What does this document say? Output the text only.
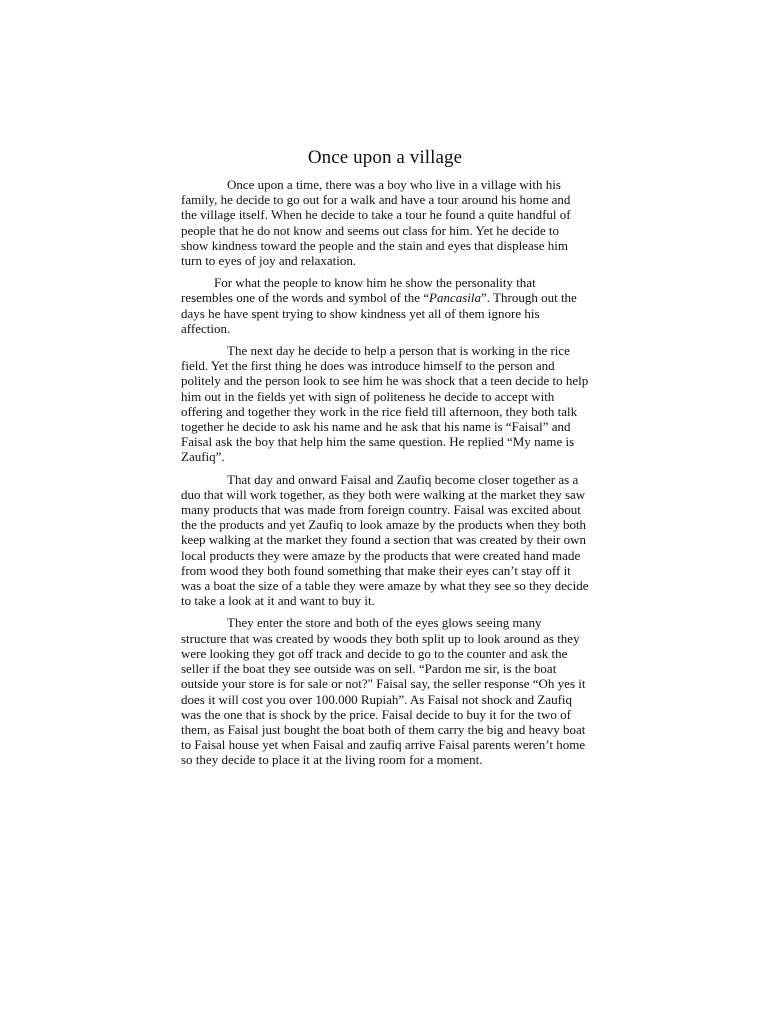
Once upon a village

Once upon a time, there was a boy who live in a village with his family, he decide to go out for a walk and have a tour around his home and the village itself. When he decide to take a tour he found a quite handful of people that he do not know and seems out class for him. Yet he decide to show kindness toward the people and the stain and eyes that displease him turn to eyes of joy and relaxation.

For what the people to know him he show the personality that resembles one of the words and symbol of the “Pancasila”. Through out the days he have spent trying to show kindness yet all of them ignore his affection.

The next day he decide to help a person that is working in the rice field. Yet the first thing he does was introduce himself to the person and politely and the person look to see him he was shock that a teen decide to help him out in the fields yet with sign of politeness he decide to accept with offering and together they work in the rice field till afternoon, they both talk together he decide to ask his name and he ask that his name is “Faisal” and Faisal ask the boy that help him the same question. He replied “My name is Zaufiq”.

That day and onward Faisal and Zaufiq become closer together as a duo that will work together, as they both were walking at the market they saw many products that was made from foreign country. Faisal was excited about the the products and yet Zaufiq to look amaze by the products when they both keep walking at the market they found a section that was created by their own local products they were amaze by the products that were created hand made from wood they both found something that make their eyes can’t stay off it was a boat the size of a table they were amaze by what they see so they decide to take a look at it and want to buy it.

They enter the store and both of the eyes glows seeing many structure that was created by woods they both split up to look around as they were looking they got off track and decide to go to the counter and ask the seller if the boat they see outside was on sell. “Pardon me sir, is the boat outside your store is for sale or not?" Faisal say, the seller response “Oh yes it does it will cost you over 100.000 Rupiah”. As Faisal not shock and Zaufiq was the one that is shock by the price. Faisal decide to buy it for the two of them, as Faisal just bought the boat both of them carry the big and heavy boat to Faisal house yet when Faisal and zaufiq arrive Faisal parents weren’t home so they decide to place it at the living room for a moment.
